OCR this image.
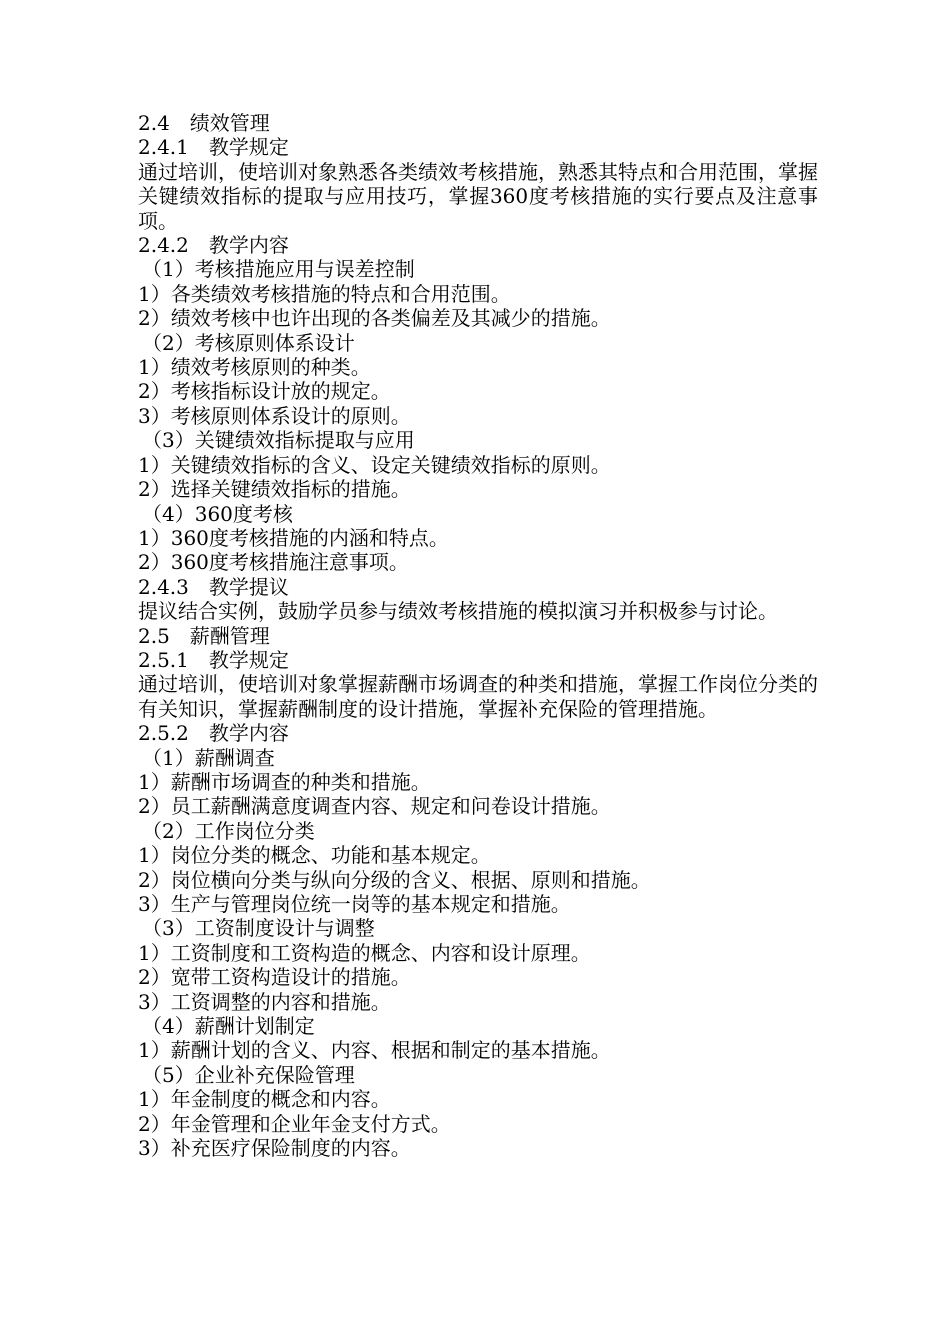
2.4　绩效管理
2.4.1　教学规定
通过培训，使培训对象熟悉各类绩效考核措施，熟悉其特点和合用范围，掌握关键绩效指标的提取与应用技巧，掌握360度考核措施的实行要点及注意事项。
2.4.2　教学内容
（1）考核措施应用与误差控制
1）各类绩效考核措施的特点和合用范围。
2）绩效考核中也许出现的各类偏差及其减少的措施。
（2）考核原则体系设计
1）绩效考核原则的种类。
2）考核指标设计放的规定。
3）考核原则体系设计的原则。
（3）关键绩效指标提取与应用
1）关键绩效指标的含义、设定关键绩效指标的原则。
2）选择关键绩效指标的措施。
（4）360度考核
1）360度考核措施的内涵和特点。
2）360度考核措施注意事项。
2.4.3　教学提议
提议结合实例，鼓励学员参与绩效考核措施的模拟演习并积极参与讨论。
2.5　薪酬管理
2.5.1　教学规定
通过培训，使培训对象掌握薪酬市场调查的种类和措施，掌握工作岗位分类的有关知识，掌握薪酬制度的设计措施，掌握补充保险的管理措施。
2.5.2　教学内容
（1）薪酬调查
1）薪酬市场调查的种类和措施。
2）员工薪酬满意度调查内容、规定和问卷设计措施。
（2）工作岗位分类
1）岗位分类的概念、功能和基本规定。
2）岗位横向分类与纵向分级的含义、根据、原则和措施。
3）生产与管理岗位统一岗等的基本规定和措施。
（3）工资制度设计与调整
1）工资制度和工资构造的概念、内容和设计原理。
2）宽带工资构造设计的措施。
3）工资调整的内容和措施。
（4）薪酬计划制定
1）薪酬计划的含义、内容、根据和制定的基本措施。
（5）企业补充保险管理
1）年金制度的概念和内容。
2）年金管理和企业年金支付方式。
3）补充医疗保险制度的内容。
